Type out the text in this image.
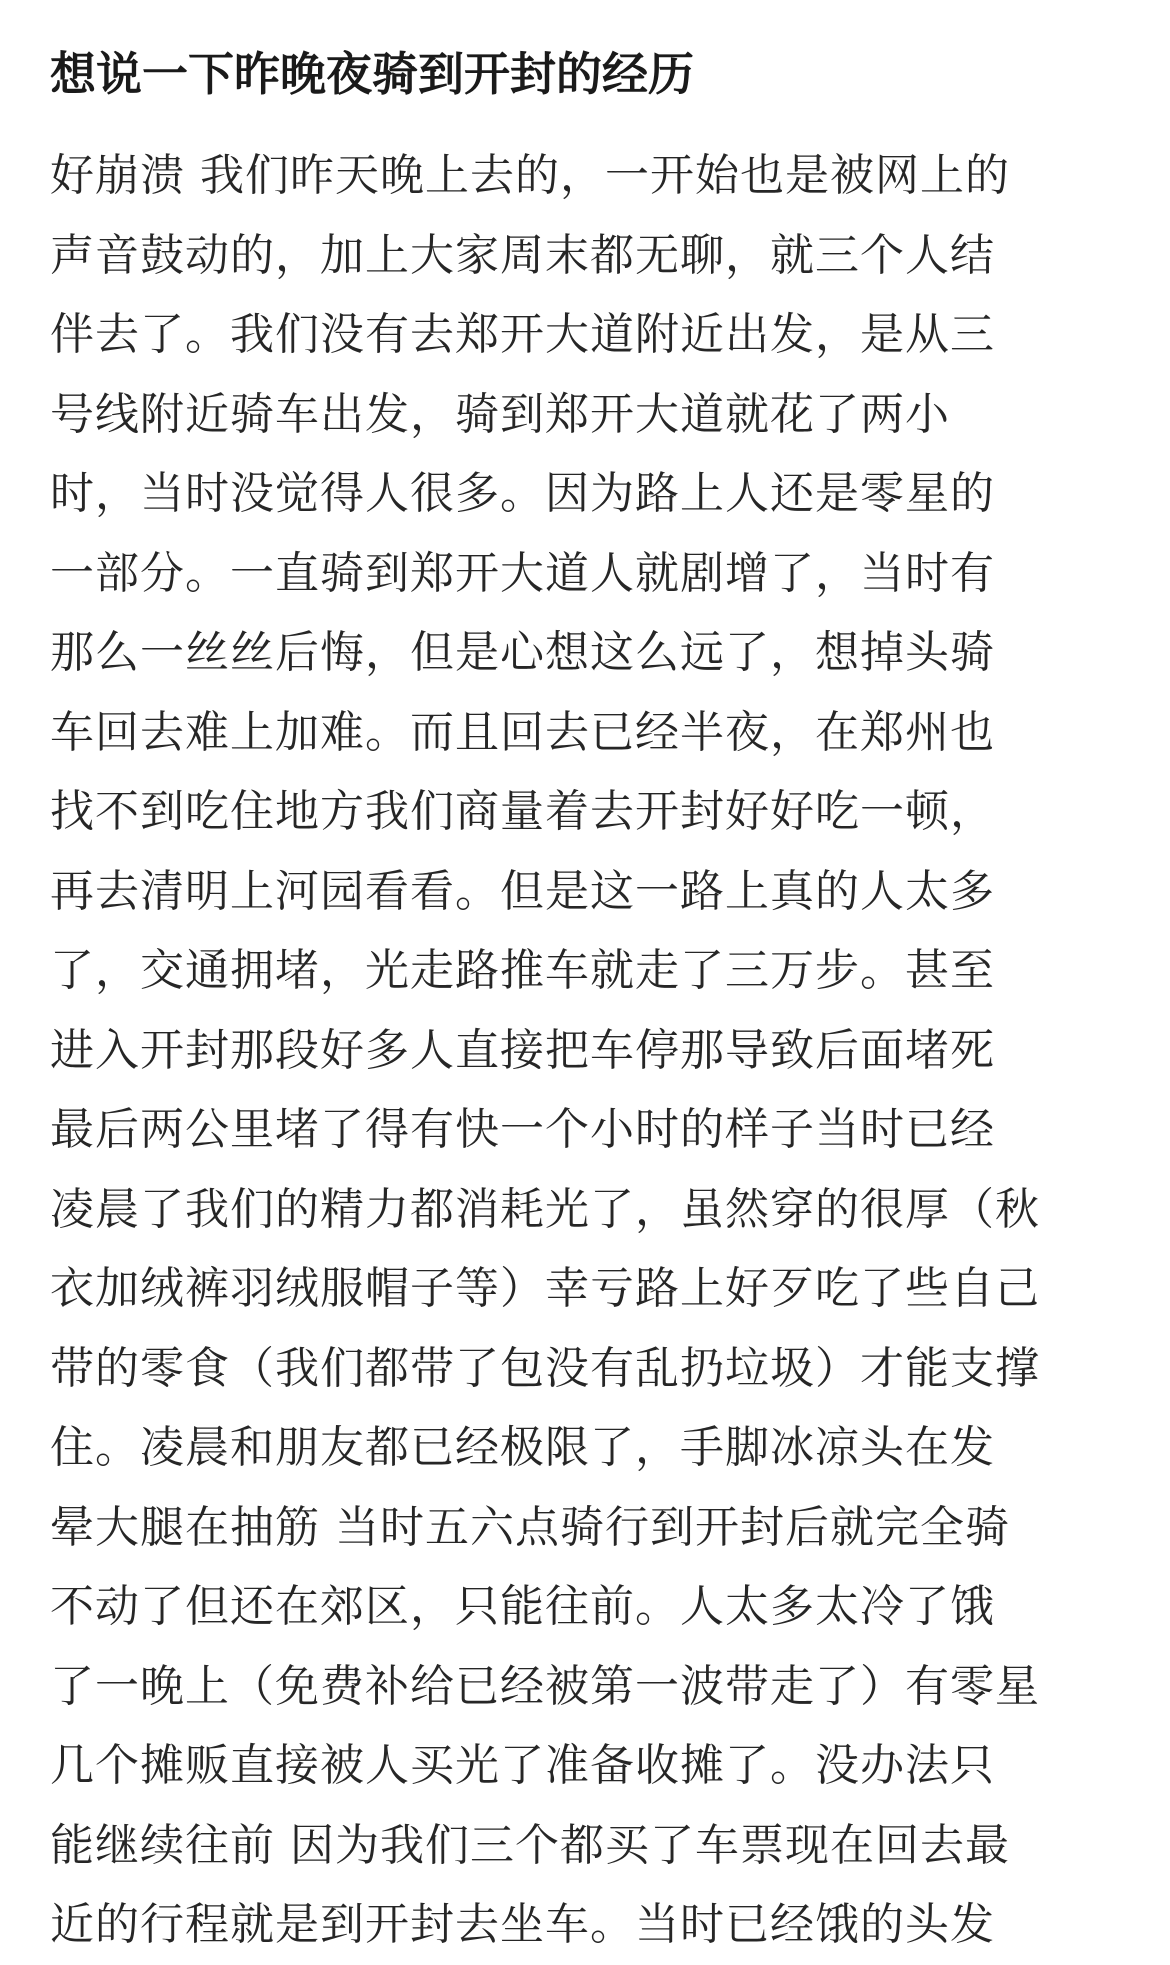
想说一下昨晚夜骑到开封的经历
好崩溃 我们昨天晚上去的，一开始也是被网上的
声音鼓动的，加上大家周末都无聊，就三个人结
伴去了。我们没有去郑开大道附近出发，是从三
号线附近骑车出发，骑到郑开大道就花了两小
时，当时没觉得人很多。因为路上人还是零星的
一部分。一直骑到郑开大道人就剧增了，当时有
那么一丝丝后悔，但是心想这么远了，想掉头骑
车回去难上加难。而且回去已经半夜，在郑州也
找不到吃住地方我们商量着去开封好好吃一顿，
再去清明上河园看看。但是这一路上真的人太多
了，交通拥堵，光走路推车就走了三万步。甚至
进入开封那段好多人直接把车停那导致后面堵死
最后两公里堵了得有快一个小时的样子当时已经
凌晨了我们的精力都消耗光了，虽然穿的很厚（秋
衣加绒裤羽绒服帽子等）幸亏路上好歹吃了些自己
带的零食（我们都带了包没有乱扔垃圾）才能支撑
住。凌晨和朋友都已经极限了，手脚冰凉头在发
晕大腿在抽筋 当时五六点骑行到开封后就完全骑
不动了但还在郊区，只能往前。人太多太冷了饿
了一晚上（免费补给已经被第一波带走了）有零星
几个摊贩直接被人买光了准备收摊了。没办法只
能继续往前 因为我们三个都买了车票现在回去最
近的行程就是到开封去坐车。当时已经饿的头发
